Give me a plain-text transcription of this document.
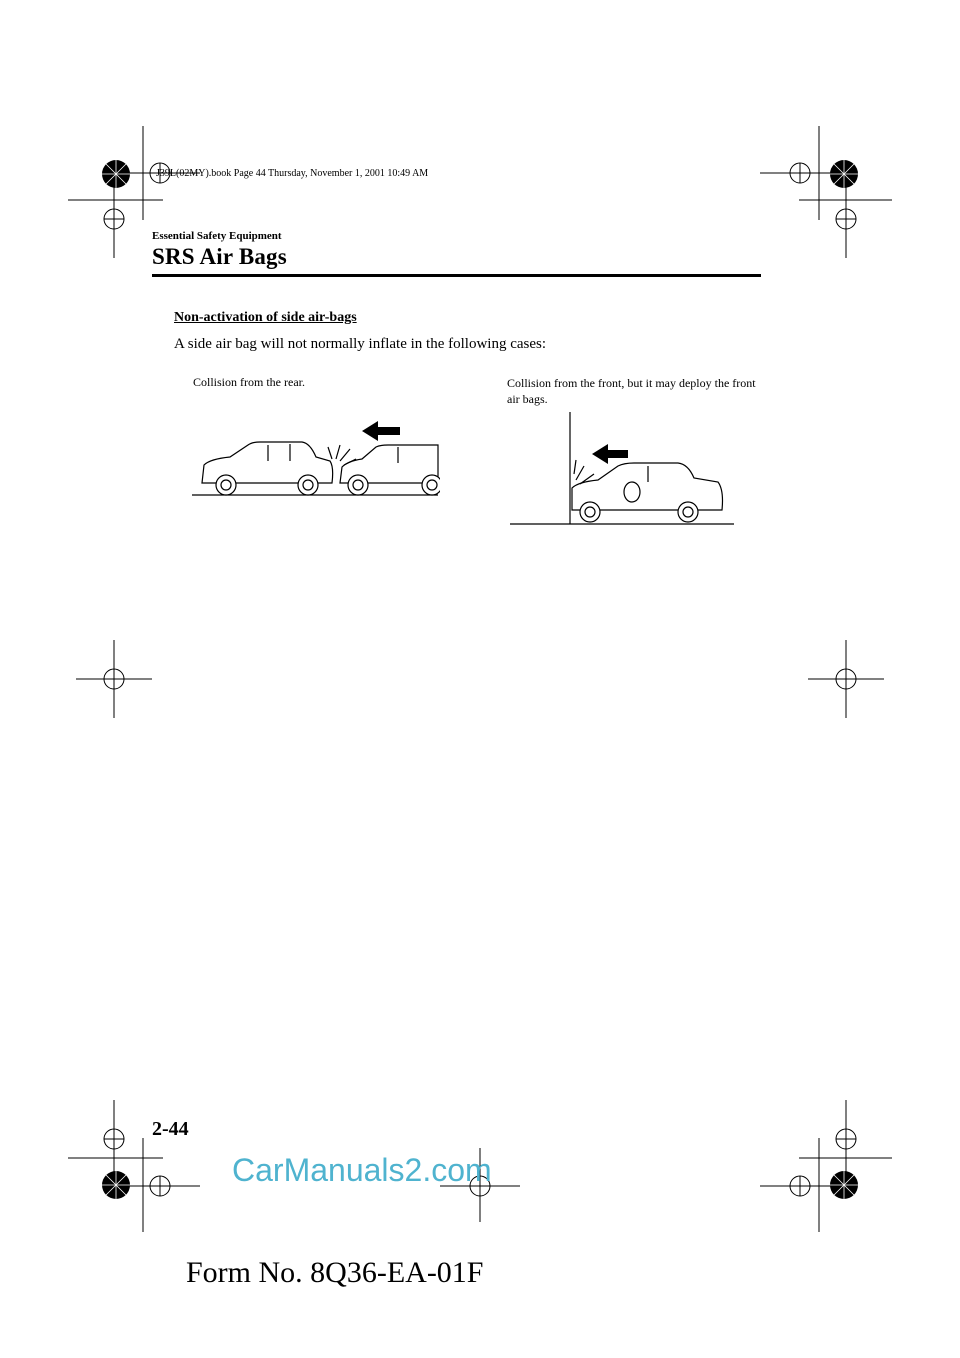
J39L(02MY).book Page 44 Thursday, November 1, 2001 10:49 AM
Essential Safety Equipment
SRS Air Bags
Non-activation of side air-bags
A side air bag will not normally inflate in the following cases:
Collision from the rear.	Collision from the front, but it may deploy the front air bags.
2-44
CarManuals2.com
Form No. 8Q36-EA-01F
